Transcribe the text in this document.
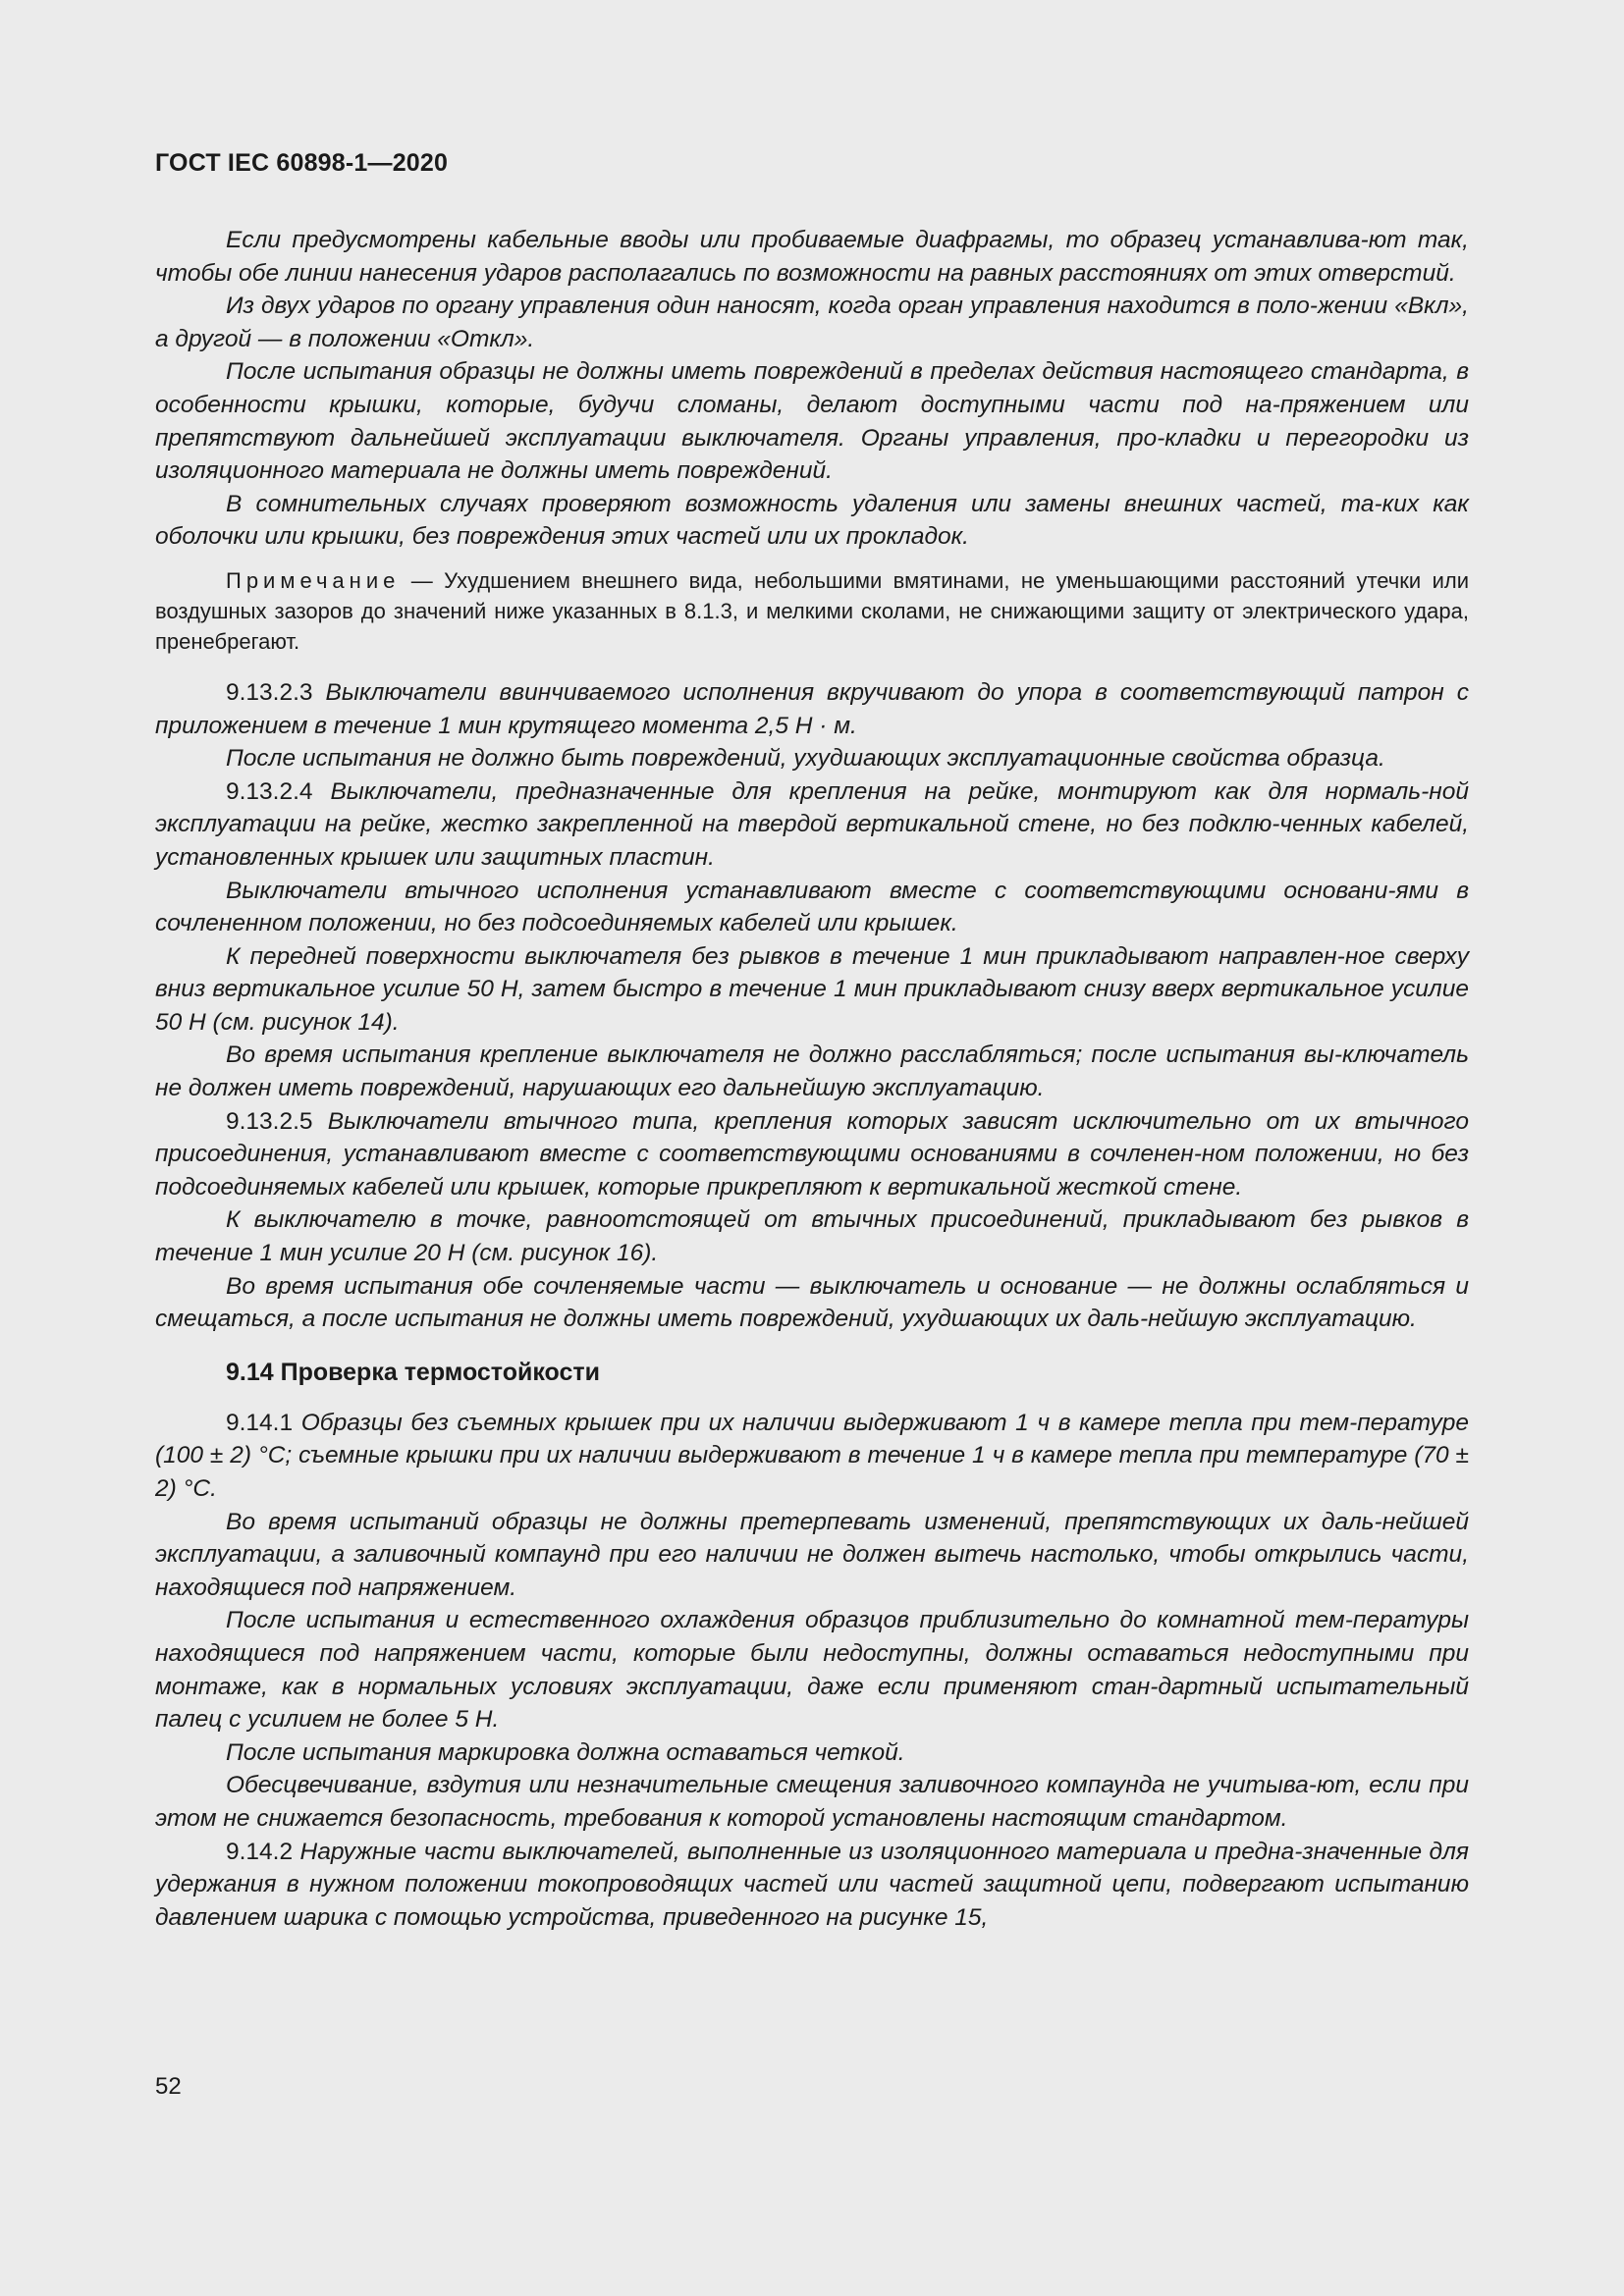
ГОСТ IEC 60898-1—2020

Если предусмотрены кабельные вводы или пробиваемые диафрагмы, то образец устанавлива-ют так, чтобы обе линии нанесения ударов располагались по возможности на равных расстояниях от этих отверстий.

Из двух ударов по органу управления один наносят, когда орган управления находится в поло-жении «Вкл», а другой — в положении «Откл».

После испытания образцы не должны иметь повреждений в пределах действия настоящего стандарта, в особенности крышки, которые, будучи сломаны, делают доступными части под на-пряжением или препятствуют дальнейшей эксплуатации выключателя. Органы управления, про-кладки и перегородки из изоляционного материала не должны иметь повреждений.

В сомнительных случаях проверяют возможность удаления или замены внешних частей, та-ких как оболочки или крышки, без повреждения этих частей или их прокладок.

Примечание — Ухудшением внешнего вида, небольшими вмятинами, не уменьшающими расстояний утечки или воздушных зазоров до значений ниже указанных в 8.1.3, и мелкими сколами, не снижающими защиту от электрического удара, пренебрегают.

9.13.2.3 Выключатели ввинчиваемого исполнения вкручивают до упора в соответствующий патрон с приложением в течение 1 мин крутящего момента 2,5 Н · м.

После испытания не должно быть повреждений, ухудшающих эксплуатационные свойства образца.

9.13.2.4 Выключатели, предназначенные для крепления на рейке, монтируют как для нормаль-ной эксплуатации на рейке, жестко закрепленной на твердой вертикальной стене, но без подклю-ченных кабелей, установленных крышек или защитных пластин.

Выключатели втычного исполнения устанавливают вместе с соответствующими основани-ями в сочлененном положении, но без подсоединяемых кабелей или крышек.

К передней поверхности выключателя без рывков в течение 1 мин прикладывают направлен-ное сверху вниз вертикальное усилие 50 Н, затем быстро в течение 1 мин прикладывают снизу вверх вертикальное усилие 50 Н (см. рисунок 14).

Во время испытания крепление выключателя не должно расслабляться; после испытания вы-ключатель не должен иметь повреждений, нарушающих его дальнейшую эксплуатацию.

9.13.2.5 Выключатели втычного типа, крепления которых зависят исключительно от их втычного присоединения, устанавливают вместе с соответствующими основаниями в сочленен-ном положении, но без подсоединяемых кабелей или крышек, которые прикрепляют к вертикальной жесткой стене.

К выключателю в точке, равноотстоящей от втычных присоединений, прикладывают без рывков в течение 1 мин усилие 20 Н (см. рисунок 16).

Во время испытания обе сочленяемые части — выключатель и основание — не должны ослабляться и смещаться, а после испытания не должны иметь повреждений, ухудшающих их даль-нейшую эксплуатацию.

9.14 Проверка термостойкости

9.14.1 Образцы без съемных крышек при их наличии выдерживают 1 ч в камере тепла при тем-пературе (100 ± 2) °С; съемные крышки при их наличии выдерживают в течение 1 ч в камере тепла при температуре (70 ± 2) °С.

Во время испытаний образцы не должны претерпевать изменений, препятствующих их даль-нейшей эксплуатации, а заливочный компаунд при его наличии не должен вытечь настолько, чтобы открылись части, находящиеся под напряжением.

После испытания и естественного охлаждения образцов приблизительно до комнатной тем-пературы находящиеся под напряжением части, которые были недоступны, должны оставаться недоступными при монтаже, как в нормальных условиях эксплуатации, даже если применяют стан-дартный испытательный палец с усилием не более 5 Н.

После испытания маркировка должна оставаться четкой.

Обесцвечивание, вздутия или незначительные смещения заливочного компаунда не учитыва-ют, если при этом не снижается безопасность, требования к которой установлены настоящим стандартом.

9.14.2 Наружные части выключателей, выполненные из изоляционного материала и предна-значенные для удержания в нужном положении токопроводящих частей или частей защитной цепи, подвергают испытанию давлением шарика с помощью устройства, приведенного на рисунке 15,

52
